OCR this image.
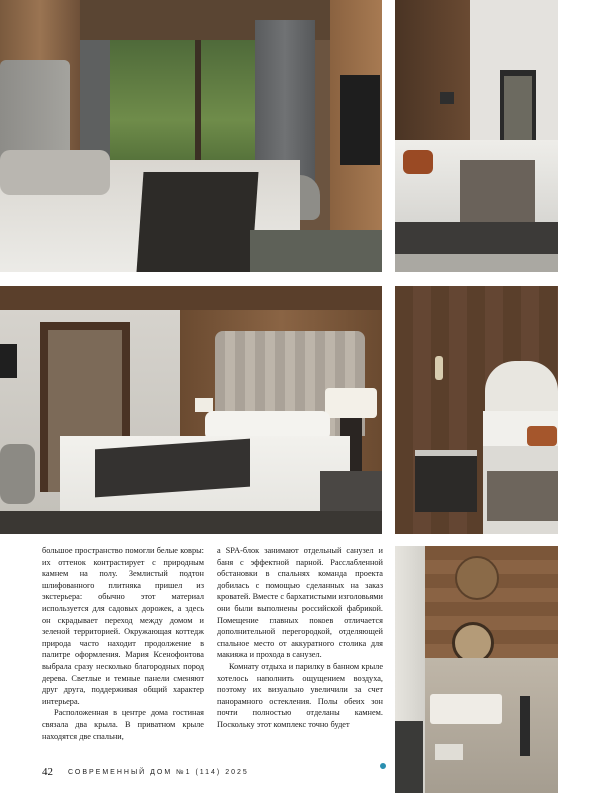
большое пространство помогли белые ковры: их оттенок контрастирует с природным камнем на полу. Землистый подтон шлифованного плитняка пришел из экстерьера: обычно этот материал используется для садовых дорожек, а здесь он скрадывает переход между домом и зеленой территорией. Окружающая коттедж природа часто находит продолжение в палитре оформления. Мария Ксенофонтова выбрала сразу несколько благородных пород дерева. Светлые и темные панели сменяют друг друга, поддерживая общий характер интерьера.

Расположенная в центре дома гостиная связала два крыла. В приватном крыле находятся две спальни,

а SPA-блок занимают отдельный санузел и баня с эффектной парной. Расслабленной обстановки в спальнях команда проекта добилась с помощью сделанных на заказ кроватей. Вместе с бархатистыми изголовьями они были выполнены российской фабрикой. Помещение главных покоев отличается дополнительной перегородкой, отделяющей спальное место от аккуратного столика для макияжа и прохода в санузел.

Комнату отдыха и парилку в банном крыле хотелось наполнить ощущением воздуха, поэтому их визуально увеличили за счет панорамного остекления. Полы обеих зон почти полностью отделаны камнем. Поскольку этот комплекс точно будет

42 СОВРЕМЕННЫЙ ДОМ №1 (114) 2025
